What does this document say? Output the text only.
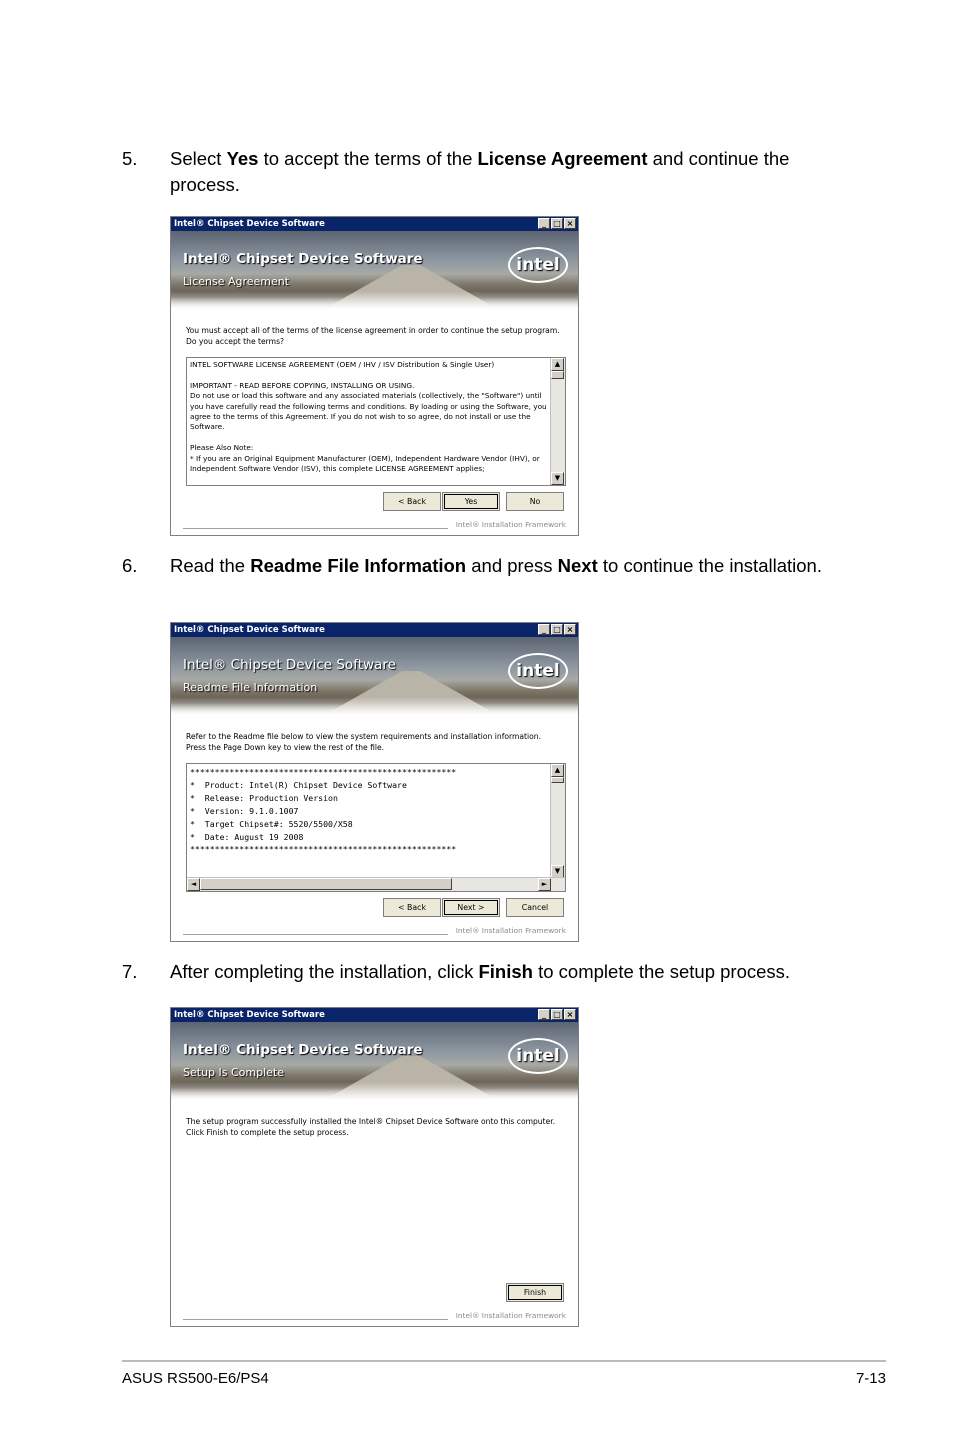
5. Select Yes to accept the terms of the License Agreement and continue the process.
Intel® Chipset Device Software	_ □ ×
Intel® Chipset Device Software
License Agreement
intel
You must accept all of the terms of the license agreement in order to continue the setup program. Do you accept the terms?
INTEL SOFTWARE LICENSE AGREEMENT (OEM / IHV / ISV Distribution & Single User)

IMPORTANT - READ BEFORE COPYING, INSTALLING OR USING.
Do not use or load this software and any associated materials (collectively, the "Software") until you have carefully read the following terms and conditions. By loading or using the Software, you agree to the terms of this Agreement. If you do not wish to so agree, do not install or use the Software.

Please Also Note:
* If you are an Original Equipment Manufacturer (OEM), Independent Hardware Vendor (IHV), or Independent Software Vendor (ISV), this complete LICENSE AGREEMENT applies;
▲
▼
< Back	Yes	No
Intel® Installation Framework
6. Read the Readme File Information and press Next to continue the installation.
Intel® Chipset Device Software	_ □ ×
Intel® Chipset Device Software
Readme File Information
intel
Refer to the Readme file below to view the system requirements and installation information. Press the Page Down key to view the rest of the file.
******************************************************
*  Product: Intel(R) Chipset Device Software
*  Release: Production Version
*  Version: 9.1.0.1007
*  Target Chipset#: 5520/5500/X58
*  Date: August 19 2008
******************************************************
▲
▼
◄	►
< Back	Next >	Cancel
Intel® Installation Framework
7. After completing the installation, click Finish to complete the setup process.
Intel® Chipset Device Software	_ □ ×
Intel® Chipset Device Software
Setup Is Complete
intel
The setup program successfully installed the Intel® Chipset Device Software onto this computer. Click Finish to complete the setup process.
Finish
Intel® Installation Framework
ASUS RS500-E6/PS4	7-13
